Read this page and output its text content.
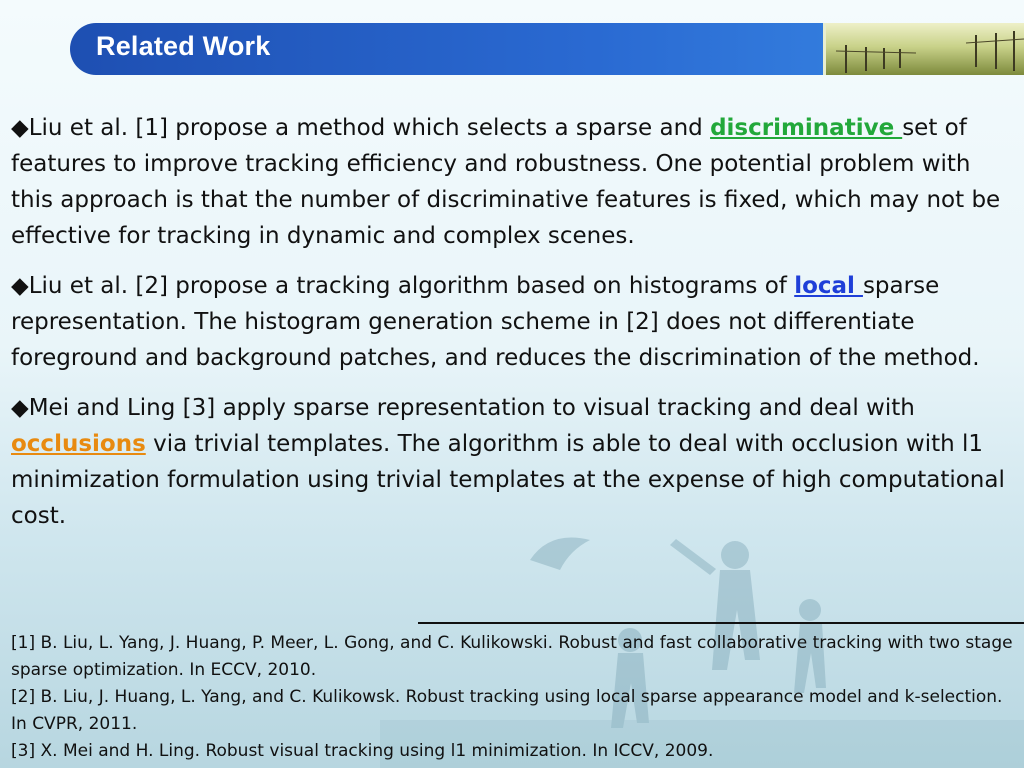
Related Work

◆Liu et al. [1] propose a method which selects a sparse and discriminative set of features to improve tracking efficiency and robustness. One potential problem with this approach is that the number of discriminative features is fixed, which may not be effective for tracking in dynamic and complex scenes.

◆Liu et al. [2] propose a tracking algorithm based on histograms of local sparse representation. The histogram generation scheme in [2] does not differentiate foreground and background patches, and reduces the discrimination of the method.

◆Mei and Ling [3] apply sparse representation to visual tracking and deal with occlusions via trivial templates. The algorithm is able to deal with occlusion with l1 minimization formulation using trivial templates at the expense of high computational cost.

[1] B. Liu, L. Yang, J. Huang, P. Meer, L. Gong, and C. Kulikowski. Robust and fast collaborative tracking with two stage sparse optimization. In ECCV, 2010.
[2] B. Liu, J. Huang, L. Yang, and C. Kulikowsk. Robust tracking using local sparse appearance model and k-selection. In CVPR, 2011.
[3] X. Mei and H. Ling. Robust visual tracking using l1 minimization. In ICCV, 2009.
